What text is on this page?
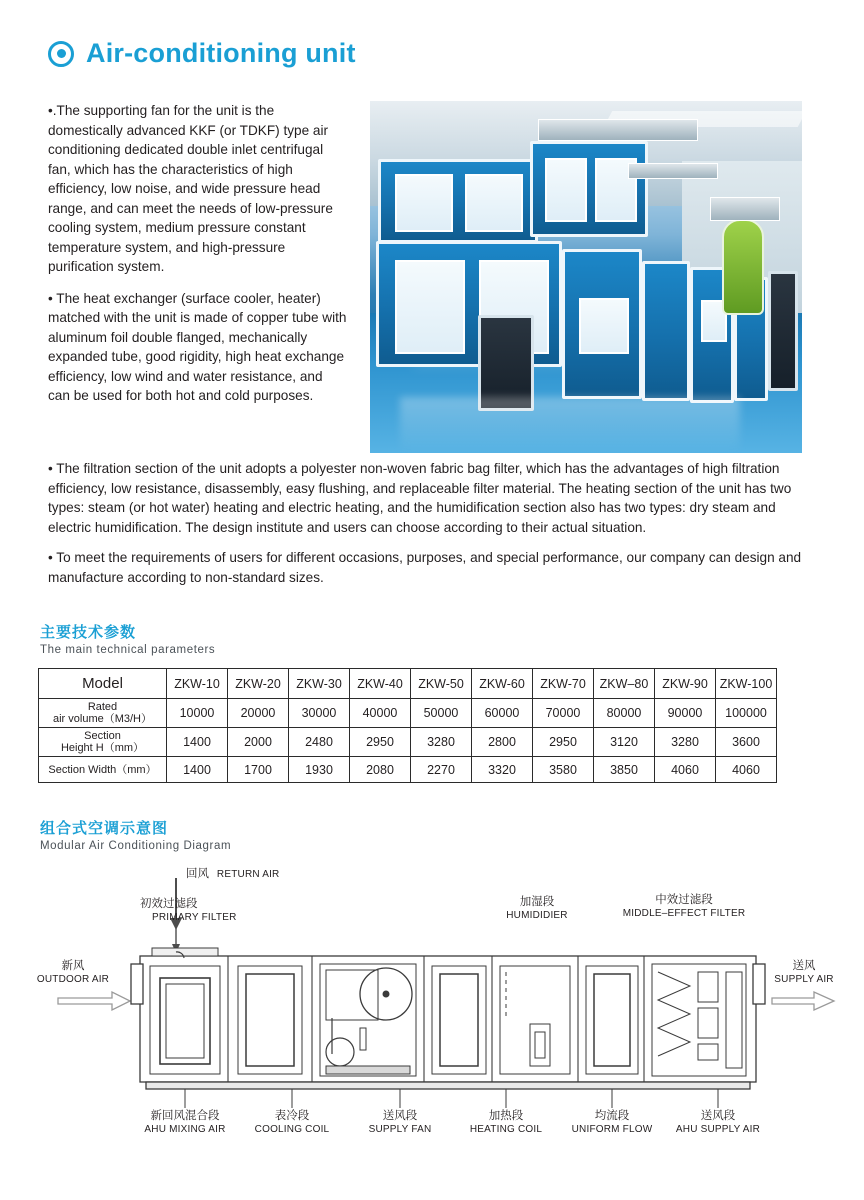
Air-conditioning unit

•.The supporting fan for the unit is the domestically advanced KKF (or TDKF) type air conditioning dedicated double inlet centrifugal fan, which has the characteristics of high efficiency, low noise, and wide pressure head range, and can meet the needs of low-pressure cooling system, medium pressure constant temperature system, and high-pressure purification system.

• The heat exchanger (surface cooler, heater) matched with the unit is made of copper tube with aluminum foil double flanged, mechanically expanded tube, good rigidity, high heat exchange efficiency, low wind and water resistance, and can be used for both hot and cold purposes.

• The filtration section of the unit adopts a polyester non-woven fabric bag filter, which has the advantages of high filtration efficiency, low resistance, disassembly, easy flushing, and replaceable filter material. The heating section of the unit has two types: steam (or hot water) heating and electric heating, and the humidification section also has two types: dry steam and electric humidification. The design institute and users can choose according to their actual situation.

• To meet the requirements of users for different occasions, purposes, and special performance, our company can design and manufacture according to non-standard sizes.

主要技术参数
The main technical parameters
Model	ZKW-10	ZKW-20	ZKW-30	ZKW-40	ZKW-50	ZKW-60	ZKW-70	ZKW–80	ZKW-90	ZKW-100

Rated
air volume（M3/H）	10000	20000	30000	40000	50000	60000	70000	80000	90000	100000

Section
Height H（mm）	1400	2000	2480	2950	3280	2800	2950	3120	3280	3600
Section Width（mm）	1400	1700	1930	2080	2270	3320	3580	3850	4060	4060
组合式空调示意图
Modular Air Conditioning Diagram
回风 RETURN AIR
初效过滤段
PRIMARY FILTER
加湿段
HUMIDIDIER
中效过滤段
MIDDLE–EFFECT FILTER
新风
OUTDOOR AIR
送风
SUPPLY AIR
新回风混合段
AHU MIXING AIR
表冷段
COOLING COIL
送风段
SUPPLY FAN
加热段
HEATING COIL
均流段
UNIFORM FLOW
送风段
AHU SUPPLY AIR
